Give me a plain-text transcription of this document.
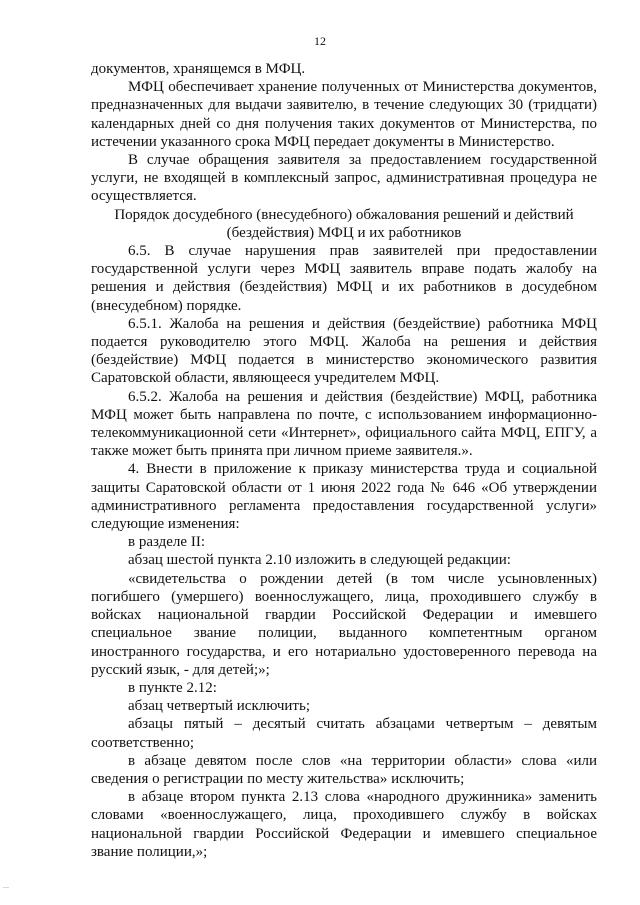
12

документов, хранящемся в МФЦ.

МФЦ обеспечивает хранение полученных от Министерства документов, предназначенных для выдачи заявителю, в течение следующих 30 (тридцати) календарных дней со дня получения таких документов от Министерства, по истечении указанного срока МФЦ передает документы в Министерство.

В случае обращения заявителя за предоставлением государственной услуги, не входящей в комплексный запрос, административная процедура не осуществляется.

Порядок досудебного (внесудебного) обжалования решений и действий (бездействия) МФЦ и их работников

6.5. В случае нарушения прав заявителей при предоставлении государственной услуги через МФЦ заявитель вправе подать жалобу на решения и действия (бездействия) МФЦ и их работников в досудебном (внесудебном) порядке.

6.5.1. Жалоба на решения и действия (бездействие) работника МФЦ подается руководителю этого МФЦ. Жалоба на решения и действия (бездействие) МФЦ подается в министерство экономического развития Саратовской области, являющееся учредителем МФЦ.

6.5.2. Жалоба на решения и действия (бездействие) МФЦ, работника МФЦ может быть направлена по почте, с использованием информационно-телекоммуникационной сети «Интернет», официального сайта МФЦ, ЕПГУ, а также может быть принята при личном приеме заявителя.».

4. Внести в приложение к приказу министерства труда и социальной защиты Саратовской области от 1 июня 2022 года № 646 «Об утверждении административного регламента предоставления государственной услуги» следующие изменения:

в разделе II:

абзац шестой пункта 2.10 изложить в следующей редакции:

«свидетельства о рождении детей (в том числе усыновленных) погибшего (умершего) военнослужащего, лица, проходившего службу в войсках национальной гвардии Российской Федерации и имевшего специальное звание полиции, выданного компетентным органом иностранного государства, и его нотариально удостоверенного перевода на русский язык, - для детей;»;

в пункте 2.12:

абзац четвертый исключить;

абзацы пятый – десятый считать абзацами четвертым – девятым соответственно;

в абзаце девятом после слов «на территории области» слова «или сведения о регистрации по месту жительства» исключить;

в абзаце втором пункта 2.13 слова «народного дружинника» заменить словами «военнослужащего, лица, проходившего службу в войсках национальной гвардии Российской Федерации и имевшего специальное звание полиции,»;
